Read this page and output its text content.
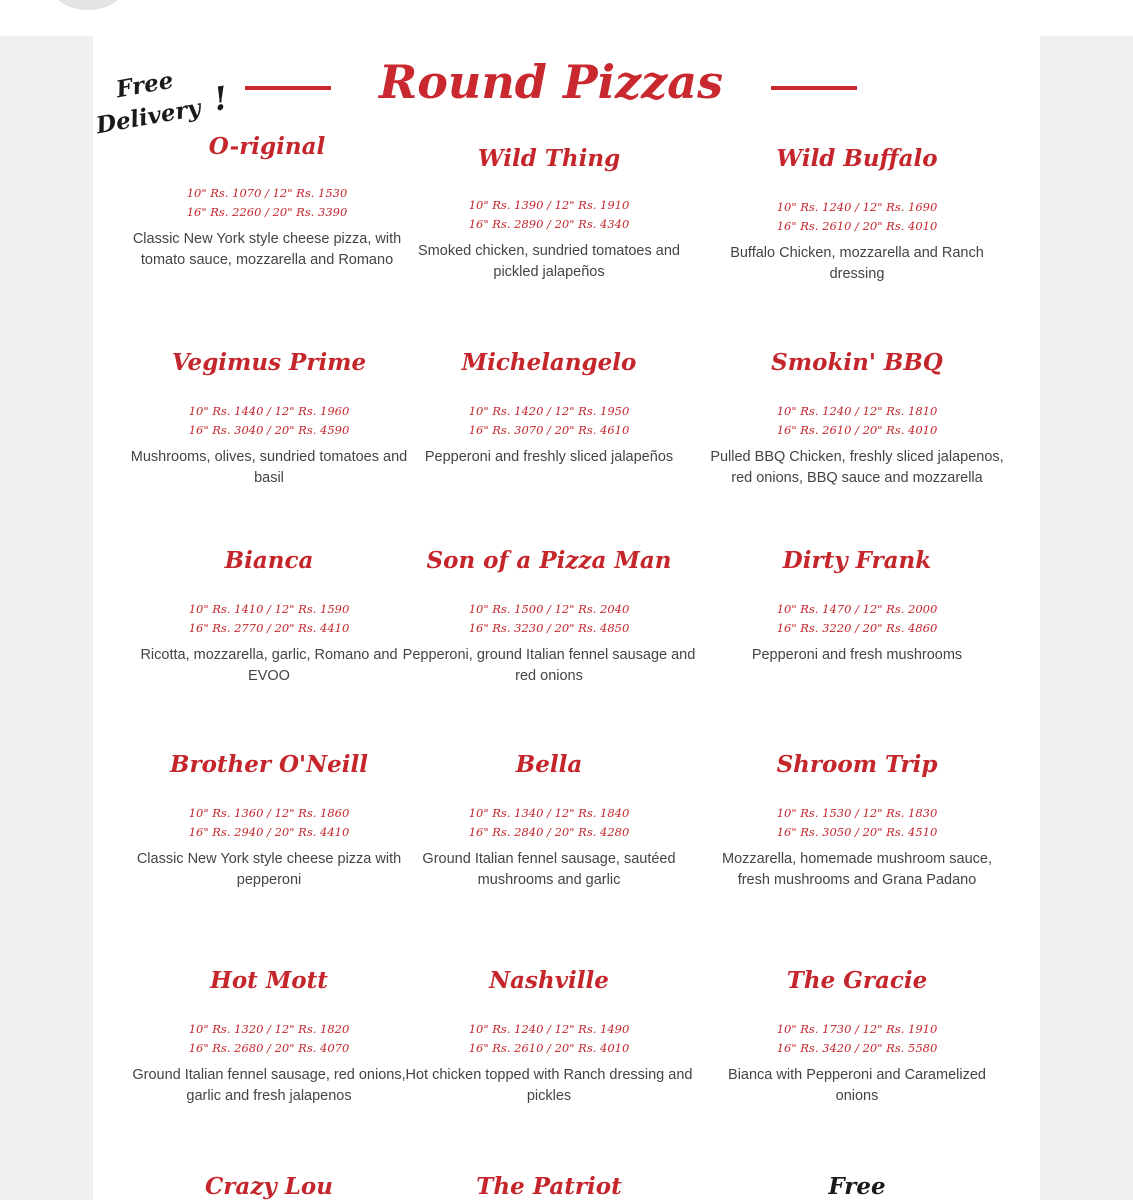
Free
Delivery !	Round Pizzas
O-riginal
10" Rs. 1070 / 12" Rs. 1530
16" Rs. 2260 / 20" Rs. 3390
Classic New York style cheese pizza, with tomato sauce, mozzarella and Romano
Wild Thing
10" Rs. 1390 / 12" Rs. 1910
16" Rs. 2890 / 20" Rs. 4340
Smoked chicken, sundried tomatoes and pickled jalapeños
Wild Buffalo
10" Rs. 1240 / 12" Rs. 1690
16" Rs. 2610 / 20" Rs. 4010
Buffalo Chicken, mozzarella and Ranch dressing
Vegimus Prime
10" Rs. 1440 / 12" Rs. 1960
16" Rs. 3040 / 20" Rs. 4590
Mushrooms, olives, sundried tomatoes and basil
Michelangelo
10" Rs. 1420 / 12" Rs. 1950
16" Rs. 3070 / 20" Rs. 4610
Pepperoni and freshly sliced jalapeños
Smokin' BBQ
10" Rs. 1240 / 12" Rs. 1810
16" Rs. 2610 / 20" Rs. 4010
Pulled BBQ Chicken, freshly sliced jalapenos, red onions, BBQ sauce and mozzarella
Bianca
10" Rs. 1410 / 12" Rs. 1590
16" Rs. 2770 / 20" Rs. 4410
Ricotta, mozzarella, garlic, Romano and EVOO
Son of a Pizza Man
10" Rs. 1500 / 12" Rs. 2040
16" Rs. 3230 / 20" Rs. 4850
Pepperoni, ground Italian fennel sausage and red onions
Dirty Frank
10" Rs. 1470 / 12" Rs. 2000
16" Rs. 3220 / 20" Rs. 4860
Pepperoni and fresh mushrooms
Brother O'Neill
10" Rs. 1360 / 12" Rs. 1860
16" Rs. 2940 / 20" Rs. 4410
Classic New York style cheese pizza with pepperoni
Bella
10" Rs. 1340 / 12" Rs. 1840
16" Rs. 2840 / 20" Rs. 4280
Ground Italian fennel sausage, sautéed mushrooms and garlic
Shroom Trip
10" Rs. 1530 / 12" Rs. 1830
16" Rs. 3050 / 20" Rs. 4510
Mozzarella, homemade mushroom sauce, fresh mushrooms and Grana Padano
Hot Mott
10" Rs. 1320 / 12" Rs. 1820
16" Rs. 2680 / 20" Rs. 4070
Ground Italian fennel sausage, red onions, garlic and fresh jalapenos
Nashville
10" Rs. 1240 / 12" Rs. 1490
16" Rs. 2610 / 20" Rs. 4010
Hot chicken topped with Ranch dressing and pickles
The Gracie
10" Rs. 1730 / 12" Rs. 1910
16" Rs. 3420 / 20" Rs. 5580
Bianca with Pepperoni and Caramelized onions
Crazy Lou	The Patriot	Free
